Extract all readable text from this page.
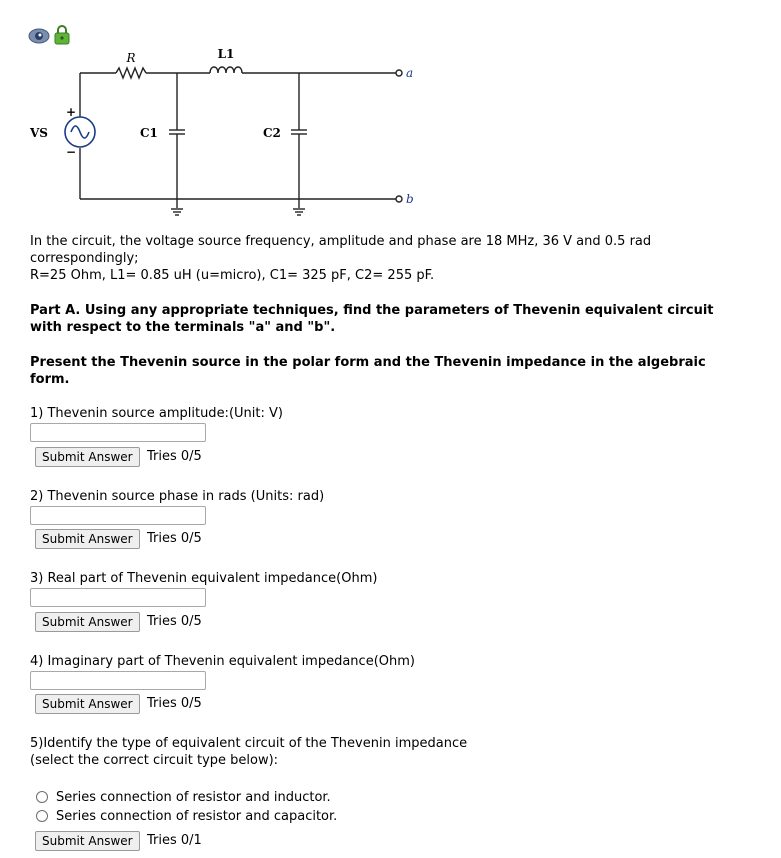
R	L1
C1	C2
VS
+
−
a
b
In the circuit, the voltage source frequency, amplitude and phase are 18 MHz, 36 V and 0.5 rad
correspondingly;
R=25 Ohm, L1= 0.85 uH (u=micro), C1= 325 pF, C2= 255 pF.
Part A. Using any appropriate techniques, find the parameters of Thevenin equivalent circuit
with respect to the terminals "a" and "b".
Present the Thevenin source in the polar form and the Thevenin impedance in the algebraic
form.
1) Thevenin source amplitude:(Unit: V)
Submit Answer	Tries 0/5
2) Thevenin source phase in rads (Units: rad)
Submit Answer	Tries 0/5
3) Real part of Thevenin equivalent impedance(Ohm)
Submit Answer	Tries 0/5
4) Imaginary part of Thevenin equivalent impedance(Ohm)
Submit Answer	Tries 0/5
5)Identify the type of equivalent circuit of the Thevenin impedance
(select the correct circuit type below):
Series connection of resistor and inductor.
Series connection of resistor and capacitor.
Submit Answer	Tries 0/1
